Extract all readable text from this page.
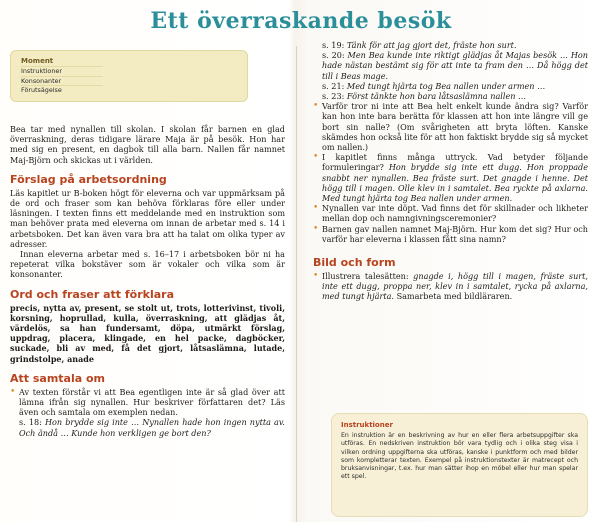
Ett överraskande besök
Moment
Instruktioner
Konsonanter
Förutsägelse

Bea tar med nynallen till skolan. I skolan får barnen en glad överraskning, deras tidigare lärare Maja är på besök. Hon har med sig en present, en dagbok till alla barn. Nallen får namnet Maj-Björn och skickas ut i världen.

Förslag på arbetsordning

Läs kapitlet ur B-boken högt för eleverna och var uppmärksam på de ord och fraser som kan behöva förklaras före eller under läsningen. I texten finns ett meddelande med en instruktion som man behöver prata med eleverna om innan de arbetar med s. 14 i arbetsboken. Det kan även vara bra att ha talat om olika typer av adresser.

Innan eleverna arbetar med s. 16–17 i arbetsboken bör ni ha repeterat vilka bokstäver som är vokaler och vilka som är konsonanter.

Ord och fraser att förklara

precis, nytta av, present, se stolt ut, trots, lotterivinst, tivoli, korsning, hoprullad, kulla, överraskning, att glädjas åt, värdelös, sa han fundersamt, döpa, utmärkt förslag, uppdrag, placera, klingade, en hel packe, dagböcker, suckade, bli av med, få det gjort, låtsaslämna, lutade, grindstolpe, anade

Att samtala om
• Av texten förstår vi att Bea egentligen inte är så glad över att lämna ifrån sig nynallen. Hur beskriver författaren det? Läs även och samtala om exemplen nedan.

s. 18: Hon brydde sig inte … Nynallen hade hon ingen nytta av. Och ändå … Kunde hon verkligen ge bort den?

s. 19: Tänk för att jag gjort det, fräste hon surt.

s. 20: Men Bea kunde inte riktigt glädjas åt Majas besök … Hon hade nästan bestämt sig för att inte ta fram den … Då högg det till i Beas mage.

s. 21: Med tungt hjärta tog Bea nallen under armen …

s. 23: Först tänkte hon bara låtsaslämna nallen …

• Varför tror ni inte att Bea helt enkelt kunde ändra sig? Varför kan hon inte bara berätta för klassen att hon inte längre vill ge bort sin nalle? (Om svårigheten att bryta löften. Kanske skämdes hon också lite för att hon faktiskt brydde sig så mycket om nallen.)
• I kapitlet finns många uttryck. Vad betyder följande formuleringar? Hon brydde sig inte ett dugg. Hon proppade snabbt ner nynallen. Bea fräste surt. Det gnagde i henne. Det högg till i magen. Olle klev in i samtalet. Bea ryckte på axlarna. Med tungt hjärta tog Bea nallen under armen.
• Nynallen var inte döpt. Vad finns det för skillnader och likheter mellan dop och namngivningsceremonier?
• Barnen gav nallen namnet Maj-Björn. Hur kom det sig? Hur och varför har eleverna i klassen fått sina namn?
Bild och form
• Illustrera talesätten: gnagde i, högg till i magen, fräste surt, inte ett dugg, proppa ner, klev in i samtalet, rycka på axlarna, med tungt hjärta. Samarbeta med bildläraren.
Instruktioner
En instruktion är en beskrivning av hur en eller flera arbetsuppgifter ska utföras. En nedskriven instruktion bör vara tydlig och i olika steg visa i vilken ordning uppgifterna ska utföras, kanske i punktform och med bilder som kompletterar texten. Exempel på instruktionstexter är matrecept och bruksanvisningar, t.ex. hur man sätter ihop en möbel eller hur man spelar ett spel.
